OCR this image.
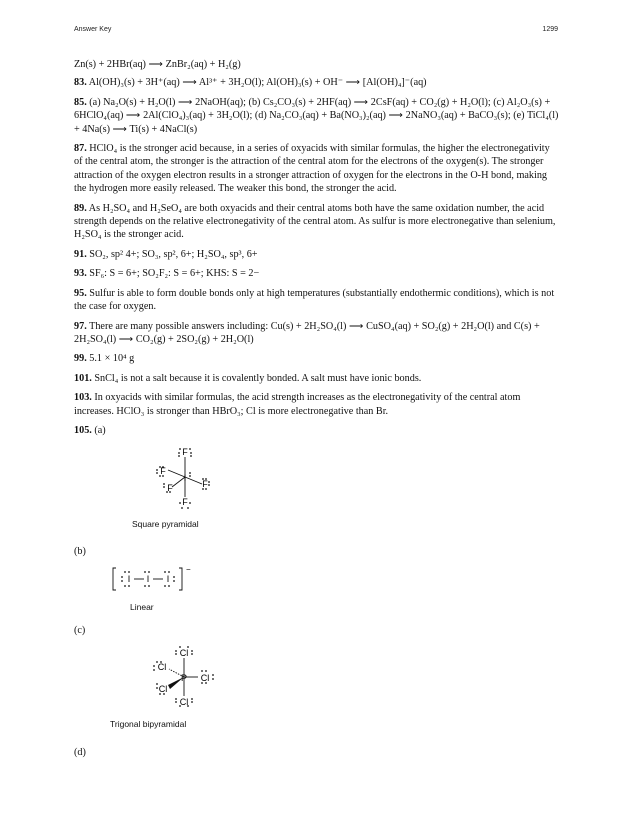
Answer Key	1299
Zn(s) + 2HBr(aq) ⟶ ZnBr₂(aq) + H₂(g)
83. Al(OH)₃(s) + 3H⁺(aq) ⟶ Al³⁺ + 3H₂O(l); Al(OH)₃(s) + OH⁻ ⟶ [Al(OH)₄]⁻(aq)
85. (a) Na₂O(s) + H₂O(l) ⟶ 2NaOH(aq); (b) Cs₂CO₃(s) + 2HF(aq) ⟶ 2CsF(aq) + CO₂(g) + H₂O(l); (c) Al₂O₃(s) + 6HClO₄(aq) ⟶ 2Al(ClO₄)₃(aq) + 3H₂O(l); (d) Na₂CO₃(aq) + Ba(NO₃)₂(aq) ⟶ 2NaNO₃(aq) + BaCO₃(s); (e) TiCl₄(l) + 4Na(s) ⟶ Ti(s) + 4NaCl(s)
87. HClO₄ is the stronger acid because, in a series of oxyacids with similar formulas, the higher the electronegativity of the central atom, the stronger is the attraction of the central atom for the electrons of the oxygen(s). The stronger attraction of the oxygen electron results in a stronger attraction of oxygen for the electrons in the O-H bond, making the hydrogen more easily released. The weaker this bond, the stronger the acid.
89. As H₂SO₄ and H₂SeO₄ are both oxyacids and their central atoms both have the same oxidation number, the acid strength depends on the relative electronegativity of the central atom. As sulfur is more electronegative than selenium, H₂SO₄ is the stronger acid.
91. SO₂, sp² 4+; SO₃, sp², 6+; H₂SO₄, sp³, 6+
93. SF₆: S = 6+; SO₂F₂: S = 6+; KHS: S = 2−
95. Sulfur is able to form double bonds only at high temperatures (substantially endothermic conditions), which is not the case for oxygen.
97. There are many possible answers including: Cu(s) + 2H₂SO₄(l) ⟶ CuSO₄(aq) + SO₂(g) + 2H₂O(l) and C(s) + 2H₂SO₄(l) ⟶ CO₂(g) + 2SO₂(g) + 2H₂O(l)
99. 5.1 × 10⁴ g
101. SnCl₄ is not a salt because it is covalently bonded. A salt must have ionic bonds.
103. In oxyacids with similar formulas, the acid strength increases as the electronegativity of the central atom increases. HClO₃ is stronger than HBrO₃; Cl is more electronegative than Br.
105. (a)
I
F
F
F
F	F
Square pyramidal
(b)
I I I
−
Linear
(c)
P
Cl
Cl
Cl
Cl
Cl
Trigonal bipyramidal
(d)
